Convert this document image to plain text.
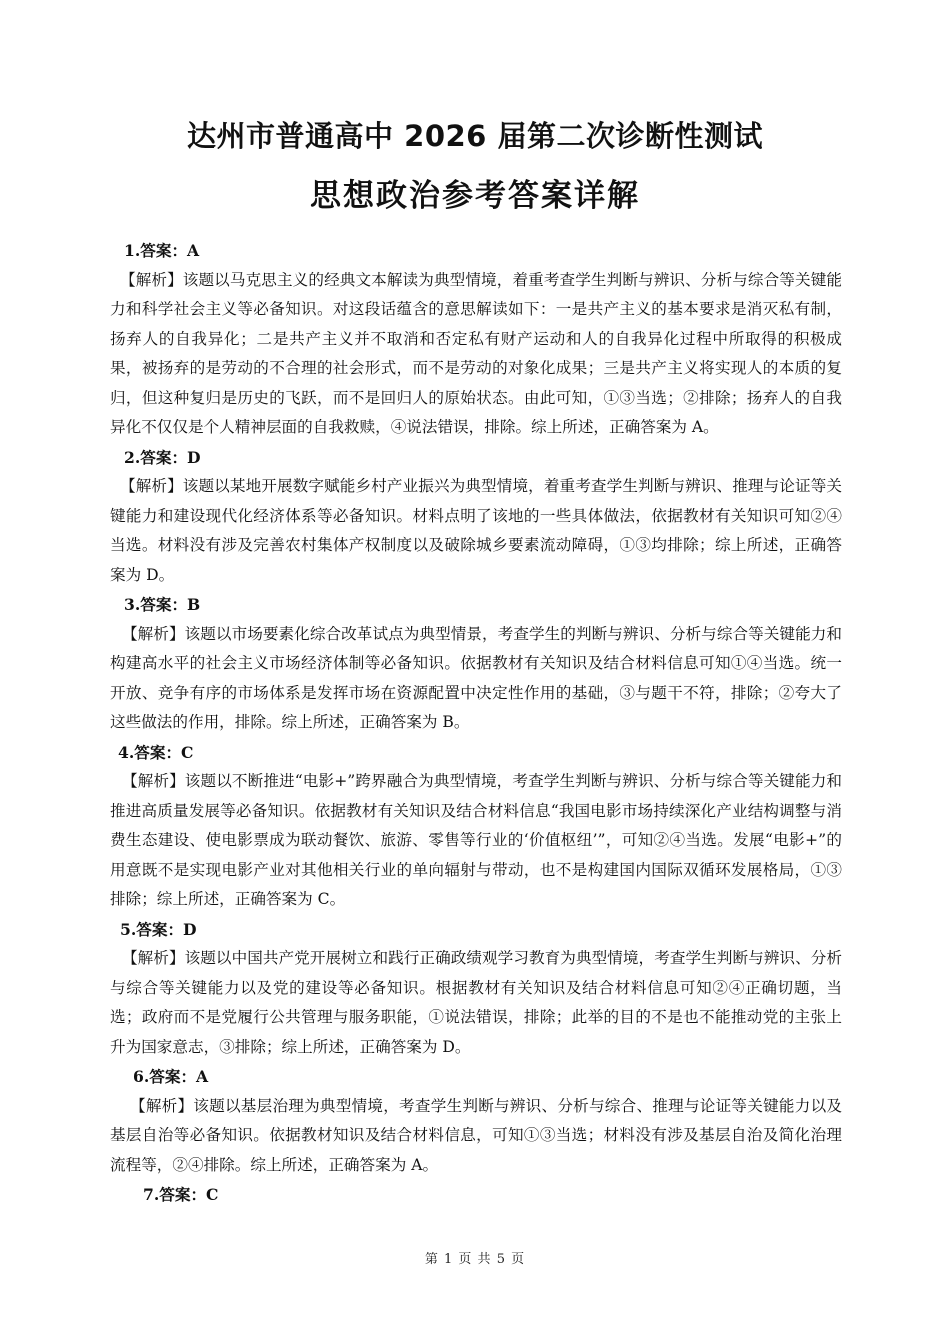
达州市普通高中 2026 届第二次诊断性测试
思想政治参考答案详解

1.答案：A

【解析】该题以马克思主义的经典文本解读为典型情境，着重考查学生判断与辨识、分析与综合等关键能力和科学社会主义等必备知识。对这段话蕴含的意思解读如下：一是共产主义的基本要求是消灭私有制，扬弃人的自我异化；二是共产主义并不取消和否定私有财产运动和人的自我异化过程中所取得的积极成果，被扬弃的是劳动的不合理的社会形式，而不是劳动的对象化成果；三是共产主义将实现人的本质的复归，但这种复归是历史的飞跃，而不是回归人的原始状态。由此可知，①③当选；②排除；扬弃人的自我异化不仅仅是个人精神层面的自我救赎，④说法错误，排除。综上所述，正确答案为 A。

2.答案：D

【解析】该题以某地开展数字赋能乡村产业振兴为典型情境，着重考查学生判断与辨识、推理与论证等关键能力和建设现代化经济体系等必备知识。材料点明了该地的一些具体做法，依据教材有关知识可知②④当选。材料没有涉及完善农村集体产权制度以及破除城乡要素流动障碍，①③均排除；综上所述，正确答案为 D。

3.答案：B

【解析】该题以市场要素化综合改革试点为典型情景，考查学生的判断与辨识、分析与综合等关键能力和构建高水平的社会主义市场经济体制等必备知识。依据教材有关知识及结合材料信息可知①④当选。统一开放、竞争有序的市场体系是发挥市场在资源配置中决定性作用的基础，③与题干不符，排除；②夸大了这些做法的作用，排除。综上所述，正确答案为 B。

4.答案：C

【解析】该题以不断推进“电影+”跨界融合为典型情境，考查学生判断与辨识、分析与综合等关键能力和推进高质量发展等必备知识。依据教材有关知识及结合材料信息“我国电影市场持续深化产业结构调整与消费生态建设、使电影票成为联动餐饮、旅游、零售等行业的‘价值枢纽’”，可知②④当选。发展“电影+”的用意既不是实现电影产业对其他相关行业的单向辐射与带动，也不是构建国内国际双循环发展格局，①③排除；综上所述，正确答案为 C。

5.答案：D

【解析】该题以中国共产党开展树立和践行正确政绩观学习教育为典型情境，考查学生判断与辨识、分析与综合等关键能力以及党的建设等必备知识。根据教材有关知识及结合材料信息可知②④正确切题，当选；政府而不是党履行公共管理与服务职能，①说法错误，排除；此举的目的不是也不能推动党的主张上升为国家意志，③排除；综上所述，正确答案为 D。

6.答案：A

【解析】该题以基层治理为典型情境，考查学生判断与辨识、分析与综合、推理与论证等关键能力以及基层自治等必备知识。依据教材知识及结合材料信息，可知①③当选；材料没有涉及基层自治及简化治理流程等，②④排除。综上所述，正确答案为 A。

7.答案：C

第 1 页 共 5 页
